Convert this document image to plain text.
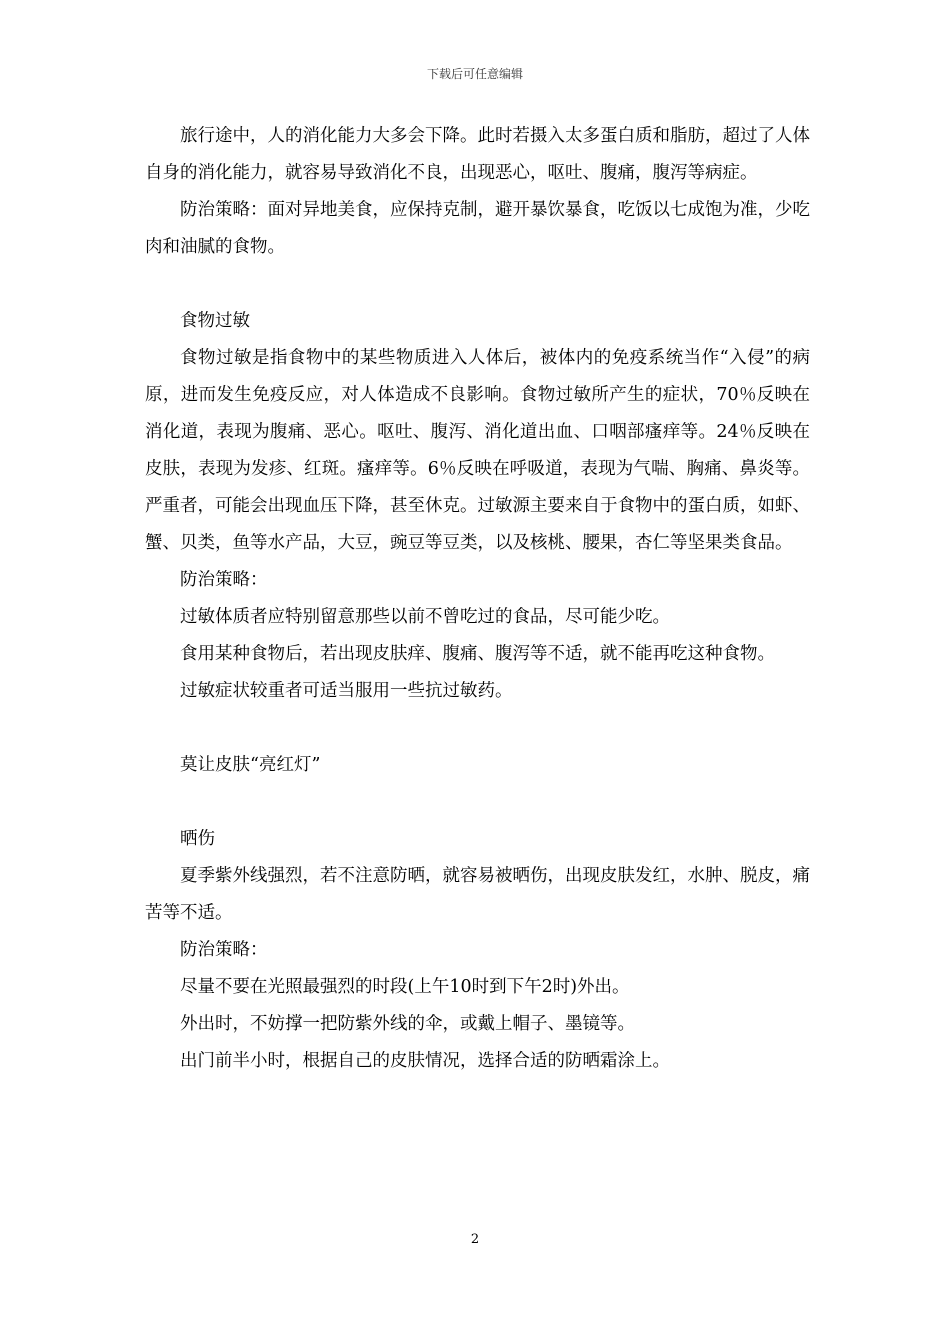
下载后可任意编辑

旅行途中，人的消化能力大多会下降。此时若摄入太多蛋白质和脂肪，超过了人体自身的消化能力，就容易导致消化不良，出现恶心，呕吐、腹痛，腹泻等病症。

防治策略：面对异地美食，应保持克制，避开暴饮暴食，吃饭以七成饱为准，少吃肉和油腻的食物。

食物过敏

食物过敏是指食物中的某些物质进入人体后，被体内的免疫系统当作“入侵”的病原，进而发生免疫反应，对人体造成不良影响。食物过敏所产生的症状，70％反映在消化道，表现为腹痛、恶心。呕吐、腹泻、消化道出血、口咽部瘙痒等。24％反映在皮肤，表现为发疹、红斑。瘙痒等。6％反映在呼吸道，表现为气喘、胸痛、鼻炎等。严重者，可能会出现血压下降，甚至休克。过敏源主要来自于食物中的蛋白质，如虾、蟹、贝类，鱼等水产品，大豆，豌豆等豆类，以及核桃、腰果，杏仁等坚果类食品。

防治策略：

过敏体质者应特别留意那些以前不曾吃过的食品，尽可能少吃。

食用某种食物后，若出现皮肤痒、腹痛、腹泻等不适，就不能再吃这种食物。

过敏症状较重者可适当服用一些抗过敏药。

莫让皮肤“亮红灯”

晒伤

夏季紫外线强烈，若不注意防晒，就容易被晒伤，出现皮肤发红，水肿、脱皮，痛苦等不适。

防治策略：

尽量不要在光照最强烈的时段(上午10时到下午2时)外出。

外出时，不妨撑一把防紫外线的伞，或戴上帽子、墨镜等。

出门前半小时，根据自己的皮肤情况，选择合适的防晒霜涂上。

2
